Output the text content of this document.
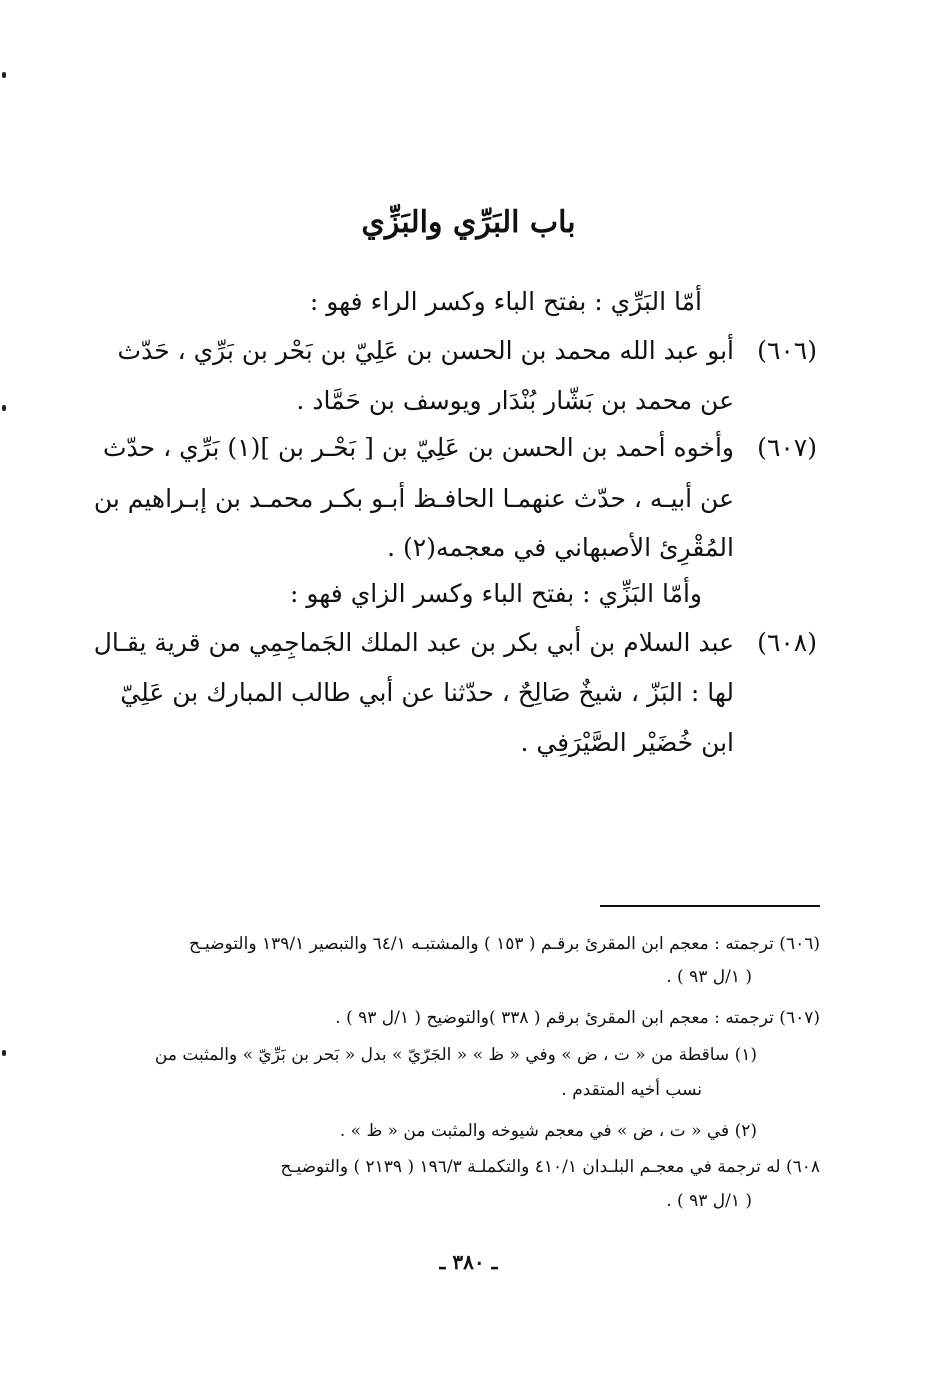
باب البَرِّي والبَزِّي
أمّا البَرِّي : بفتح الباء وكسر الراء فهو :
(٦٠٦)
أبو عبد الله محمد بن الحسن بن عَلِيّ بن بَحْر بن بَرِّي ، حَدّث
عن محمد بن بَشّار بُنْدَار ويوسف بن حَمَّاد .
(٦٠٧)
وأخوه أحمد بن الحسن بن عَلِيّ بن [ بَحْـر بن ](١) بَرِّي ، حدّث
عن أبيـه ، حدّث عنهمـا الحافـظ أبـو بكـر محمـد بن إبـراهيم بن
المُقْرِئ الأصبهاني في معجمه(٢) .
وأمّا البَزِّي : بفتح الباء وكسر الزاي فهو :
(٦٠٨)
عبد السلام بن أبي بكر بن عبد الملك الجَماجِمِي من قرية يقـال
لها : البَزّ ، شيخٌ صَالِحٌ ، حدّثنا عن أبي طالب المبارك بن عَلِيّ
ابن خُضَيْر الصَّيْرَفِي .
(٦٠٦) ترجمته : معجم ابن المقرئ برقـم ( ١٥٣ ) والمشتبـه ٦٤/١ والتبصير ١٣٩/١ والتوضيـح
( ١/ل ٩٣ ) .
(٦٠٧) ترجمته : معجم ابن المقرئ برقم ( ٣٣٨ )والتوضيح ( ١/ل ٩٣ ) .
(١) ساقطة من « ت ، ض » وفي « ظ » « الجَرّيّ » بدل « بَحر بن بَرِّيّ » والمثبت من
نسب أخيه المتقدم .
(٢) في « ت ، ض » في معجم شيوخه والمثبت من « ظ » .
٦٠٨) له ترجمة في معجـم البلـدان ٤١٠/١ والتكملـة ١٩٦/٣ ( ٢١٣٩ ) والتوضيـح
( ١/ل ٩٣ ) .
ـ ٣٨٠ ـ
